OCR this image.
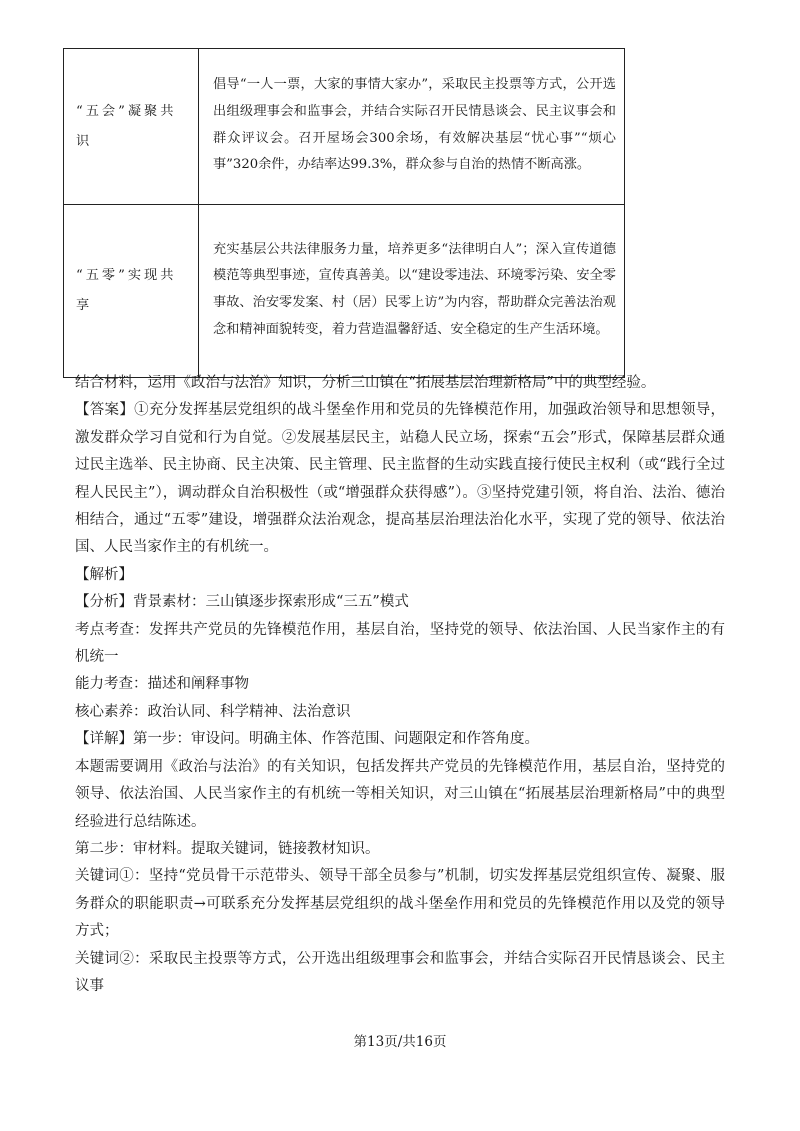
“五会”凝聚共识	倡导“一人一票，大家的事情大家办”，采取民主投票等方式，公开选出组级理事会和监事会，并结合实际召开民情恳谈会、民主议事会和群众评议会。召开屋场会300余场，有效解决基层“忧心事”“烦心事”320余件，办结率达99.3%，群众参与自治的热情不断高涨。
“五零”实现共享	充实基层公共法律服务力量，培养更多“法律明白人”；深入宣传道德模范等典型事迹，宣传真善美。以“建设零违法、环境零污染、安全零事故、治安零发案、村（居）民零上访”为内容，帮助群众完善法治观念和精神面貌转变，着力营造温馨舒适、安全稳定的生产生活环境。

结合材料，运用《政治与法治》知识，分析三山镇在“拓展基层治理新格局”中的典型经验。

【答案】①充分发挥基层党组织的战斗堡垒作用和党员的先锋模范作用，加强政治领导和思想领导，激发群众学习自觉和行为自觉。②发展基层民主，站稳人民立场，探索“五会”形式，保障基层群众通过民主选举、民主协商、民主决策、民主管理、民主监督的生动实践直接行使民主权利（或“践行全过程人民民主”），调动群众自治积极性（或“增强群众获得感”）。③坚持党建引领，将自治、法治、德治相结合，通过“五零”建设，增强群众法治观念，提高基层治理法治化水平，实现了党的领导、依法治国、人民当家作主的有机统一。

【解析】

【分析】背景素材：三山镇逐步探索形成“三五”模式

考点考查：发挥共产党员的先锋模范作用，基层自治，坚持党的领导、依法治国、人民当家作主的有机统一

能力考查：描述和阐释事物

核心素养：政治认同、科学精神、法治意识

【详解】第一步：审设问。明确主体、作答范围、问题限定和作答角度。

本题需要调用《政治与法治》的有关知识，包括发挥共产党员的先锋模范作用，基层自治，坚持党的领导、依法治国、人民当家作主的有机统一等相关知识，对三山镇在“拓展基层治理新格局”中的典型经验进行总结陈述。

第二步：审材料。提取关键词，链接教材知识。

关键词①：坚持“党员骨干示范带头、领导干部全员参与”机制，切实发挥基层党组织宣传、凝聚、服务群众的职能职责→可联系充分发挥基层党组织的战斗堡垒作用和党员的先锋模范作用以及党的领导方式；

关键词②：采取民主投票等方式，公开选出组级理事会和监事会，并结合实际召开民情恳谈会、民主议事

第13页/共16页
